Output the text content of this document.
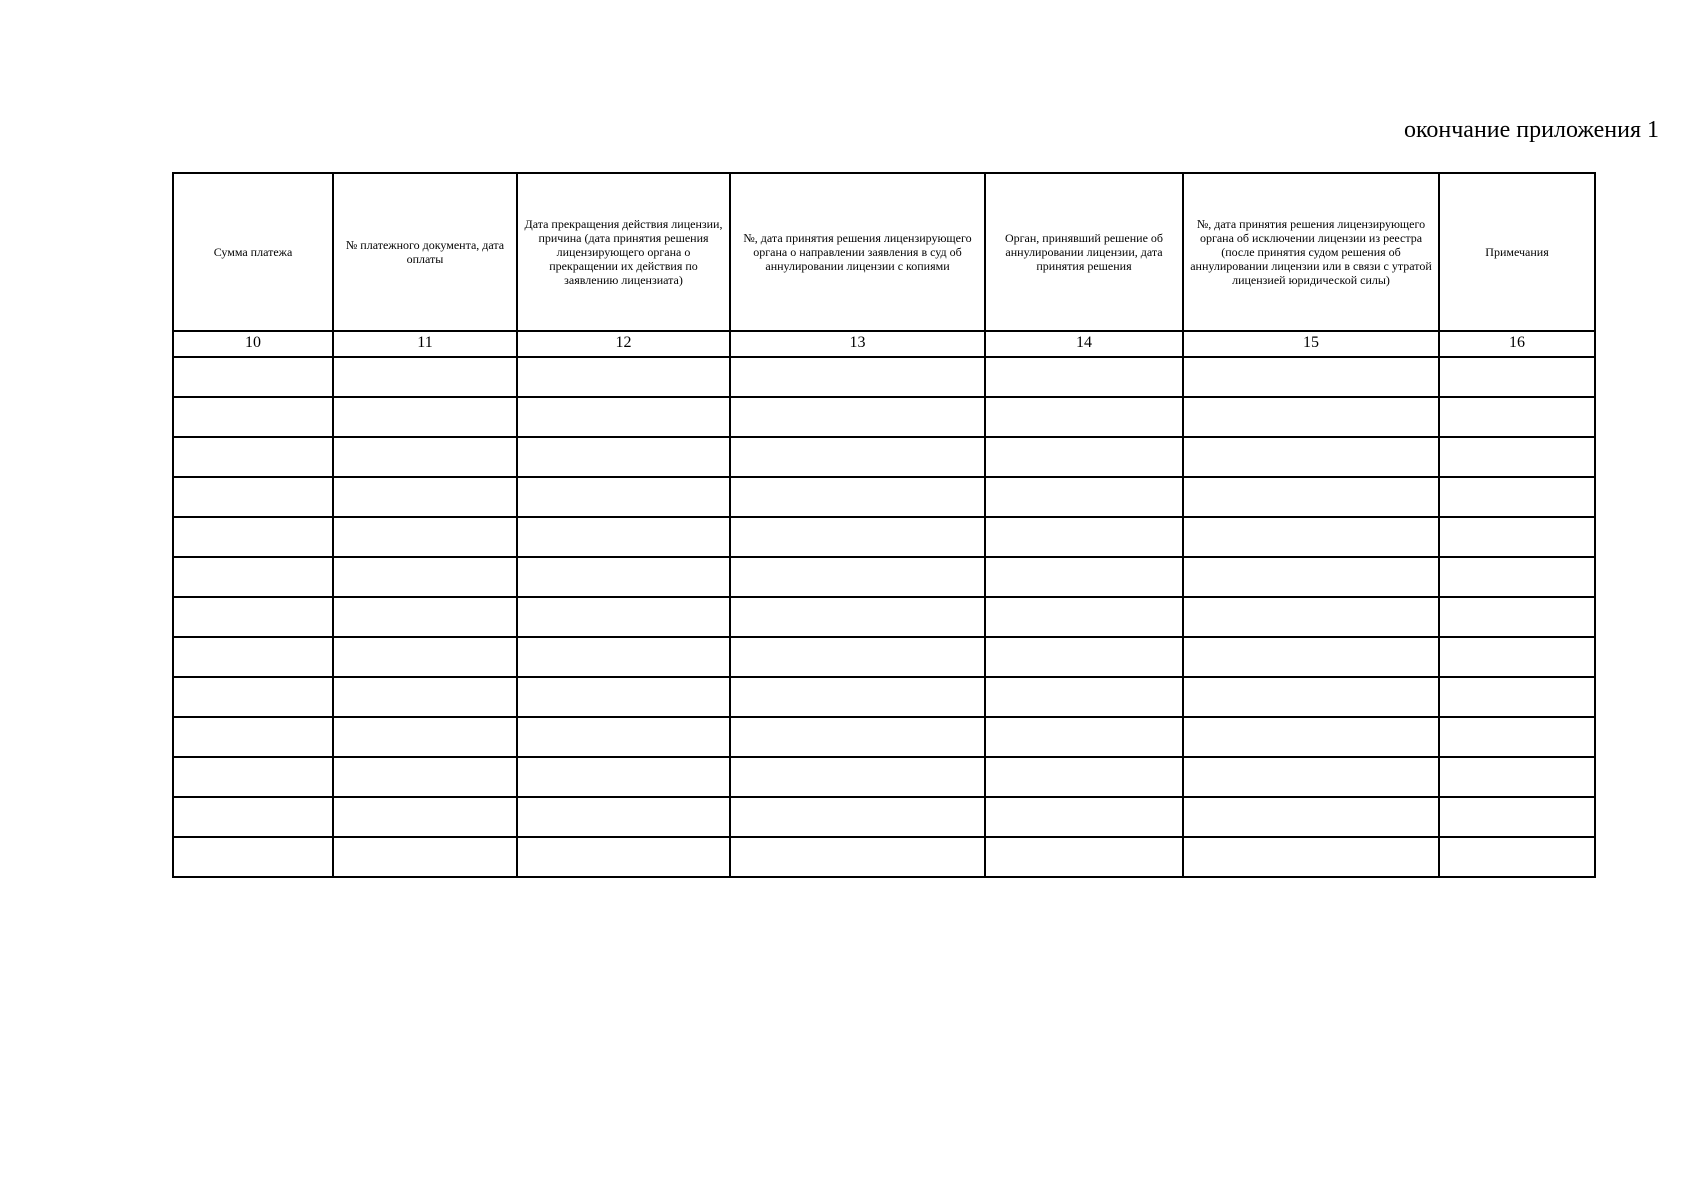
окончание приложения 1
Сумма платежа	№ платежного документа, дата оплаты	Дата прекращения действия лицензии, причина (дата принятия решения лицензирующего органа о прекращении их действия по заявлению лицензиата)	№, дата принятия решения лицензирующего органа о направлении заявления в суд об аннулировании лицензии с копиями	Орган, принявший решение об аннулировании лицензии, дата принятия решения	№, дата принятия решения лицензирующего органа об исключении лицензии из реестра (после принятия судом решения об аннулировании лицензии или в связи с утратой лицензией юридической силы)	Примечания
10	11	12	13	14	15	16
